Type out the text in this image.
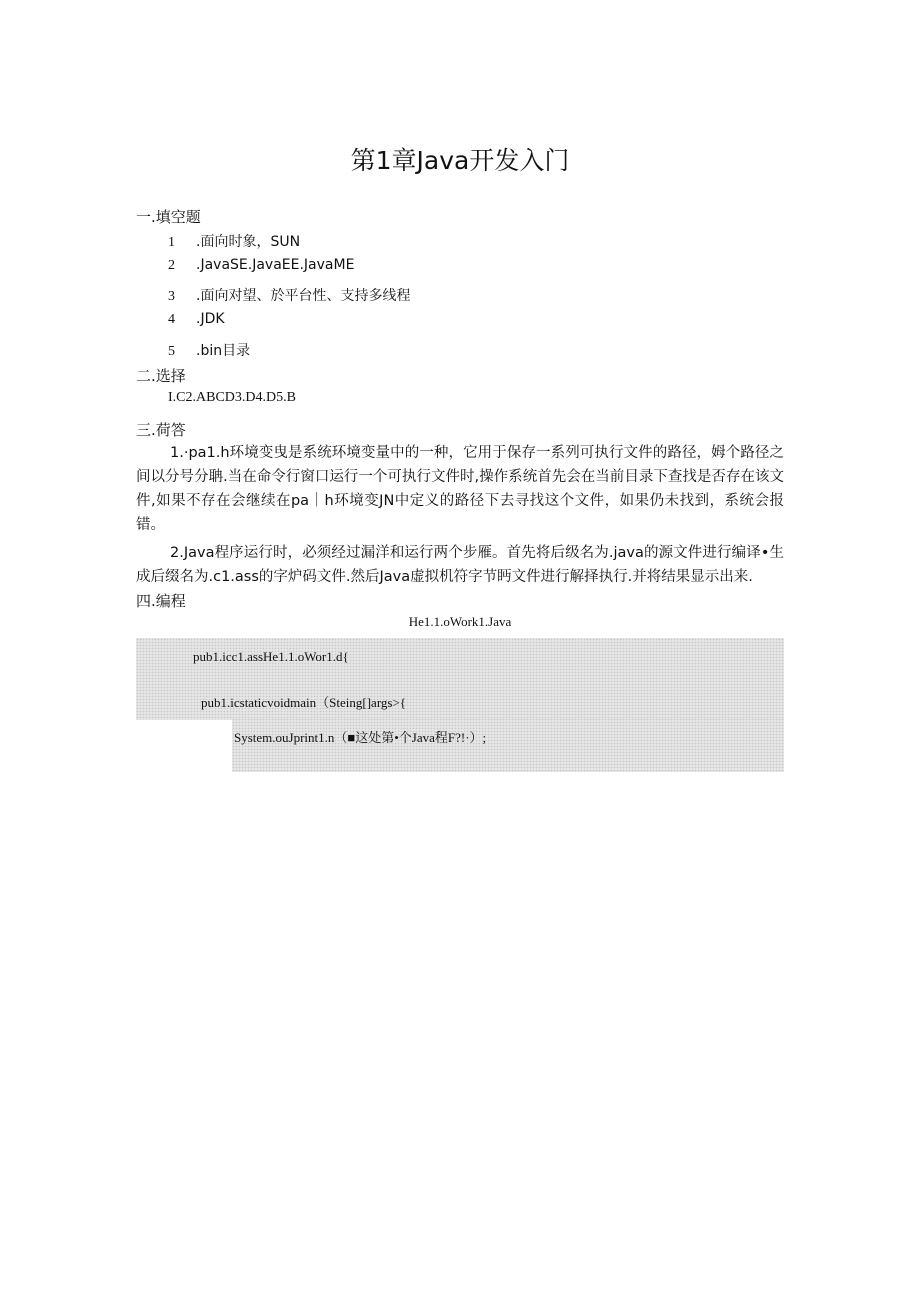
第1章Java开发入门
一.填空题
1 .面向时象，SUN
2 .JavaSE.JavaEE.JavaME
3 .面向对望、於平台性、支持多线程
4 .JDK
5 .bin目录
二.选择
I.C2.ABCD3.D4.D5.B
三.荷答
1.·pa1.h环境变曳是系统环境变量中的一种，它用于保存一系列可执行文件的路径，姆个路径之间以分号分聃.当在命令行窗口运行一个可执行文件时,操作系统首先会在当前目录下查找是否存在该文件,如果不存在会继续在pa｜h环境变JN中定义的路径下去寻找这个文件，如果仍未找到，系统会报错。
2.Java程序运行时，必须经过漏洋和运行两个步雁。首先将后级名为.java的源文件进行编译•生成后缀名为.c1.ass的字炉码文件.然后Java虚拟机符字节眄文件进行解择执行.并将结果显示出来.
四.编程
He1.1.oWork1.Java
pub1.icc1.assHe1.1.oWor1.d{
pub1.icstaticvoidmain（Steing[]args>{
System.ouJprint1.n（■这处第•个Java程F?!·）;
